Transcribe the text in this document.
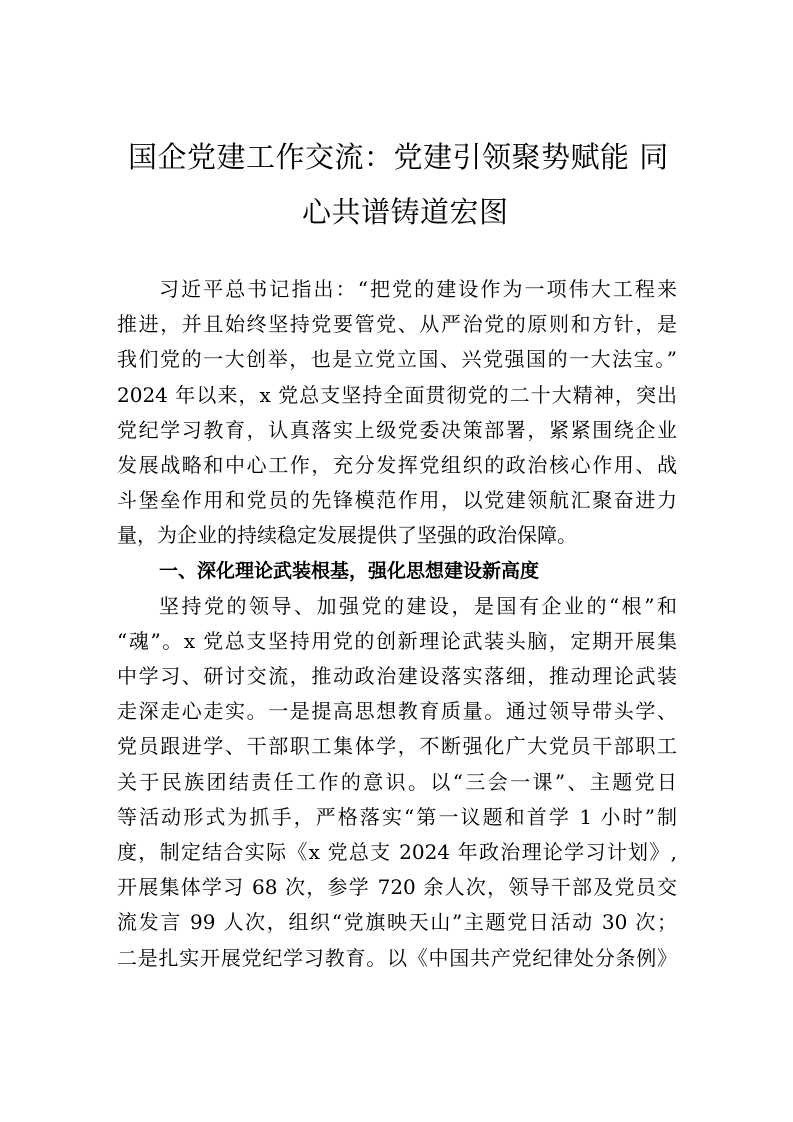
国企党建工作交流：党建引领聚势赋能 同
心共谱铸道宏图
习近平总书记指出：“把党的建设作为一项伟大工程来
推进，并且始终坚持党要管党、从严治党的原则和方针，是
我们党的一大创举，也是立党立国、兴党强国的一大法宝。”
2024 年以来，x 党总支坚持全面贯彻党的二十大精神，突出
党纪学习教育，认真落实上级党委决策部署，紧紧围绕企业
发展战略和中心工作，充分发挥党组织的政治核心作用、战
斗堡垒作用和党员的先锋模范作用，以党建领航汇聚奋进力
量，为企业的持续稳定发展提供了坚强的政治保障。
一、深化理论武装根基，强化思想建设新高度
坚持党的领导、加强党的建设，是国有企业的“根”和
“魂”。x 党总支坚持用党的创新理论武装头脑，定期开展集
中学习、研讨交流，推动政治建设落实落细，推动理论武装
走深走心走实。一是提高思想教育质量。通过领导带头学、
党员跟进学、干部职工集体学，不断强化广大党员干部职工
关于民族团结责任工作的意识。以“三会一课”、主题党日
等活动形式为抓手，严格落实“第一议题和首学 1 小时”制
度，制定结合实际《x 党总支 2024 年政治理论学习计划》,
开展集体学习 68 次，参学 720 余人次，领导干部及党员交
流发言 99 人次，组织“党旗映天山”主题党日活动 30 次；
二是扎实开展党纪学习教育。以《中国共产党纪律处分条例》
